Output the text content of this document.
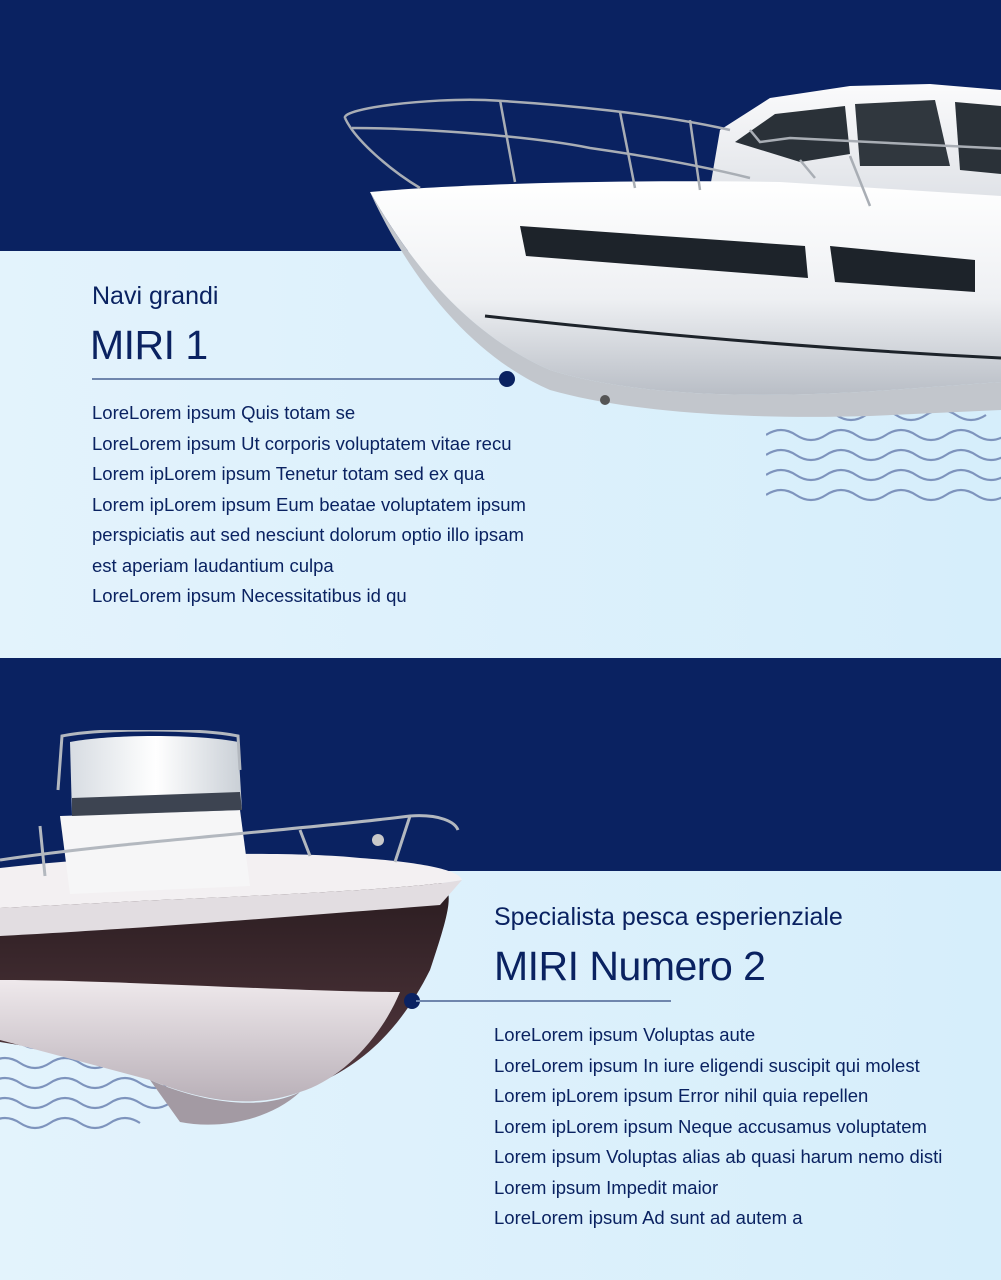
Navi grandi
MIRI 1
LoreLorem ipsum Quis totam se
LoreLorem ipsum Ut corporis voluptatem vitae recu
Lorem ipLorem ipsum Tenetur totam sed ex qua
Lorem ipLorem ipsum Eum beatae voluptatem ipsum
perspiciatis aut sed nesciunt dolorum optio illo ipsam
est aperiam laudantium culpa
LoreLorem ipsum Necessitatibus id qu
Specialista pesca esperienziale
MIRI Numero 2
LoreLorem ipsum Voluptas aute
LoreLorem ipsum In iure eligendi suscipit qui molest
Lorem ipLorem ipsum Error nihil quia repellen
Lorem ipLorem ipsum Neque accusamus voluptatem
Lorem ipsum Voluptas alias ab quasi harum nemo disti
Lorem ipsum Impedit maior
LoreLorem ipsum Ad sunt ad autem a
